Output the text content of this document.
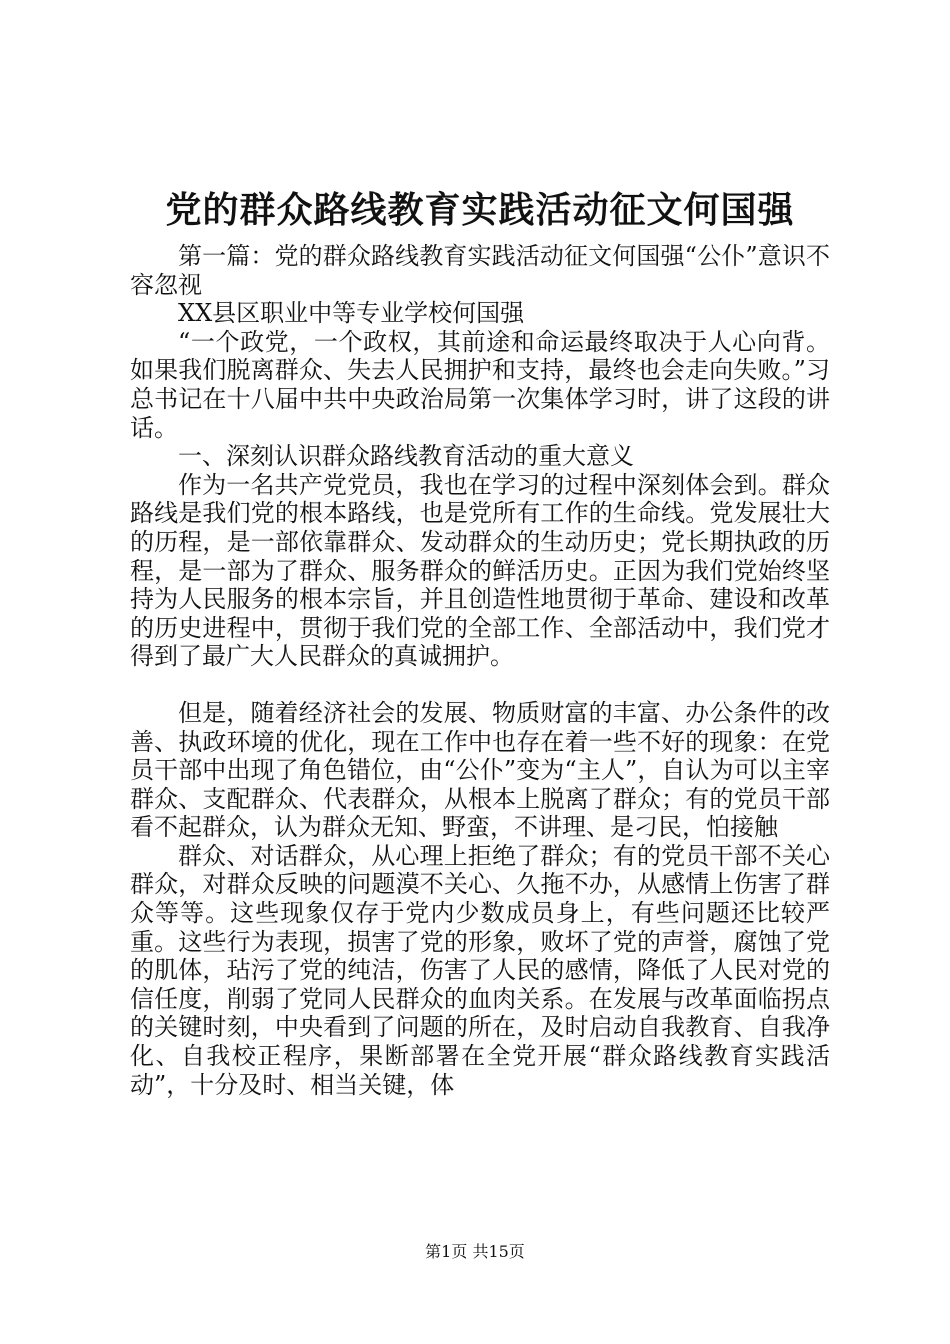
党的群众路线教育实践活动征文何国强

第一篇：党的群众路线教育实践活动征文何国强“公仆”意识不容忽视

XX县区职业中等专业学校何国强

“一个政党，一个政权，其前途和命运最终取决于人心向背。如果我们脱离群众、失去人民拥护和支持，最终也会走向失败。”习总书记在十八届中共中央政治局第一次集体学习时，讲了这段的讲话。

一、深刻认识群众路线教育活动的重大意义

作为一名共产党党员，我也在学习的过程中深刻体会到。群众路线是我们党的根本路线，也是党所有工作的生命线。党发展壮大的历程，是一部依靠群众、发动群众的生动历史；党长期执政的历程，是一部为了群众、服务群众的鲜活历史。正因为我们党始终坚持为人民服务的根本宗旨，并且创造性地贯彻于革命、建设和改革的历史进程中，贯彻于我们党的全部工作、全部活动中，我们党才得到了最广大人民群众的真诚拥护。

但是，随着经济社会的发展、物质财富的丰富、办公条件的改善、执政环境的优化，现在工作中也存在着一些不好的现象：在党员干部中出现了角色错位，由“公仆”变为“主人”，自认为可以主宰群众、支配群众、代表群众，从根本上脱离了群众；有的党员干部看不起群众，认为群众无知、野蛮，不讲理、是刁民，怕接触

群众、对话群众，从心理上拒绝了群众；有的党员干部不关心群众，对群众反映的问题漠不关心、久拖不办，从感情上伤害了群众等等。这些现象仅存于党内少数成员身上，有些问题还比较严重。这些行为表现，损害了党的形象，败坏了党的声誉，腐蚀了党的肌体，玷污了党的纯洁，伤害了人民的感情，降低了人民对党的信任度，削弱了党同人民群众的血肉关系。在发展与改革面临拐点的关键时刻，中央看到了问题的所在，及时启动自我教育、自我净化、自我校正程序，果断部署在全党开展“群众路线教育实践活动”，十分及时、相当关键，体

第1页 共15页
